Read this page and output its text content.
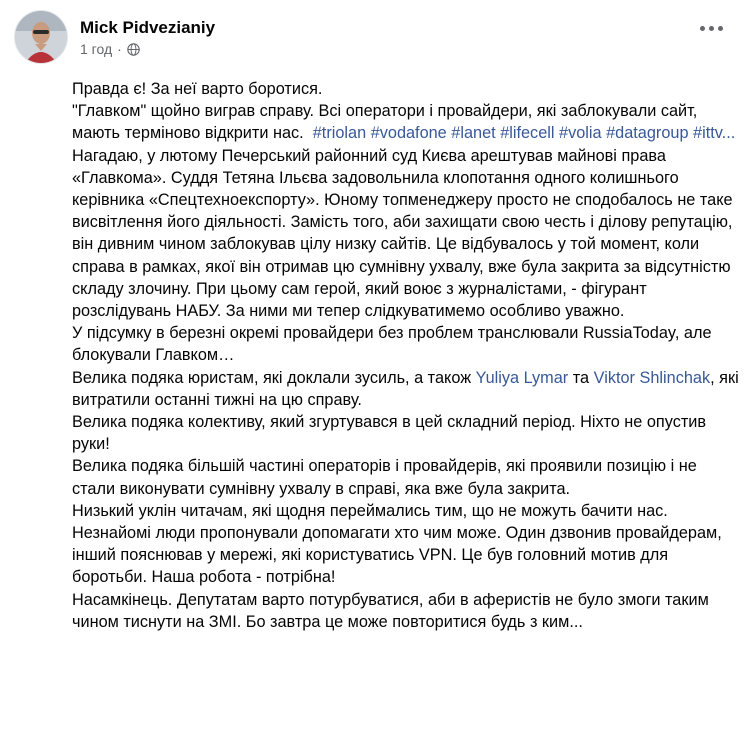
Mick Pidvezianiy
1 год ·

Правда є! За неї варто боротися.

"Главком" щойно виграв справу. Всі оператори і провайдери, які заблокували сайт, мають терміново відкрити нас. #triolan #vodafone #lanet #lifecell #volia #datagroup #ittv...

Нагадаю, у лютому Печерський районний суд Києва арештував майнові права «Главкома». Суддя Тетяна Ільєва задовольнила клопотання одного колишнього керівника «Спецтехноекспорту». Юному топменеджеру просто не сподобалось не таке висвітлення його діяльності. Замість того, аби захищати свою честь і ділову репутацію, він дивним чином заблокував цілу низку сайтів. Це відбувалось у той момент, коли справа в рамках, якої він отримав цю сумнівну ухвалу, вже була закрита за відсутністю складу злочину. При цьому сам герой, який воює з журналістами, - фігурант розслідувань НАБУ. За ними ми тепер слідкуватимемо особливо уважно.

У підсумку в березні окремі провайдери без проблем транслювали RussiaToday, але блокували Главком…

Велика подяка юристам, які доклали зусиль, а також Yuliya Lymar та Viktor Shlinchak, які витратили останні тижні на цю справу.

Велика подяка колективу, який згуртувався в цей складний період. Ніхто не опустив руки!

Велика подяка більшій частині операторів і провайдерів, які проявили позицію і не стали виконувати сумнівну ухвалу в справі, яка вже була закрита.

Низький уклін читачам, які щодня переймались тим, що не можуть бачити нас. Незнайомі люди пропонували допомагати хто чим може. Один дзвонив провайдерам, інший пояснював у мережі, які користуватись VPN. Це був головний мотив для боротьби. Наша робота - потрібна!

Насамкінець. Депутатам варто потурбуватися, аби в аферистів не було змоги таким чином тиснути на ЗМІ. Бо завтра це може повторитися будь з ким...
